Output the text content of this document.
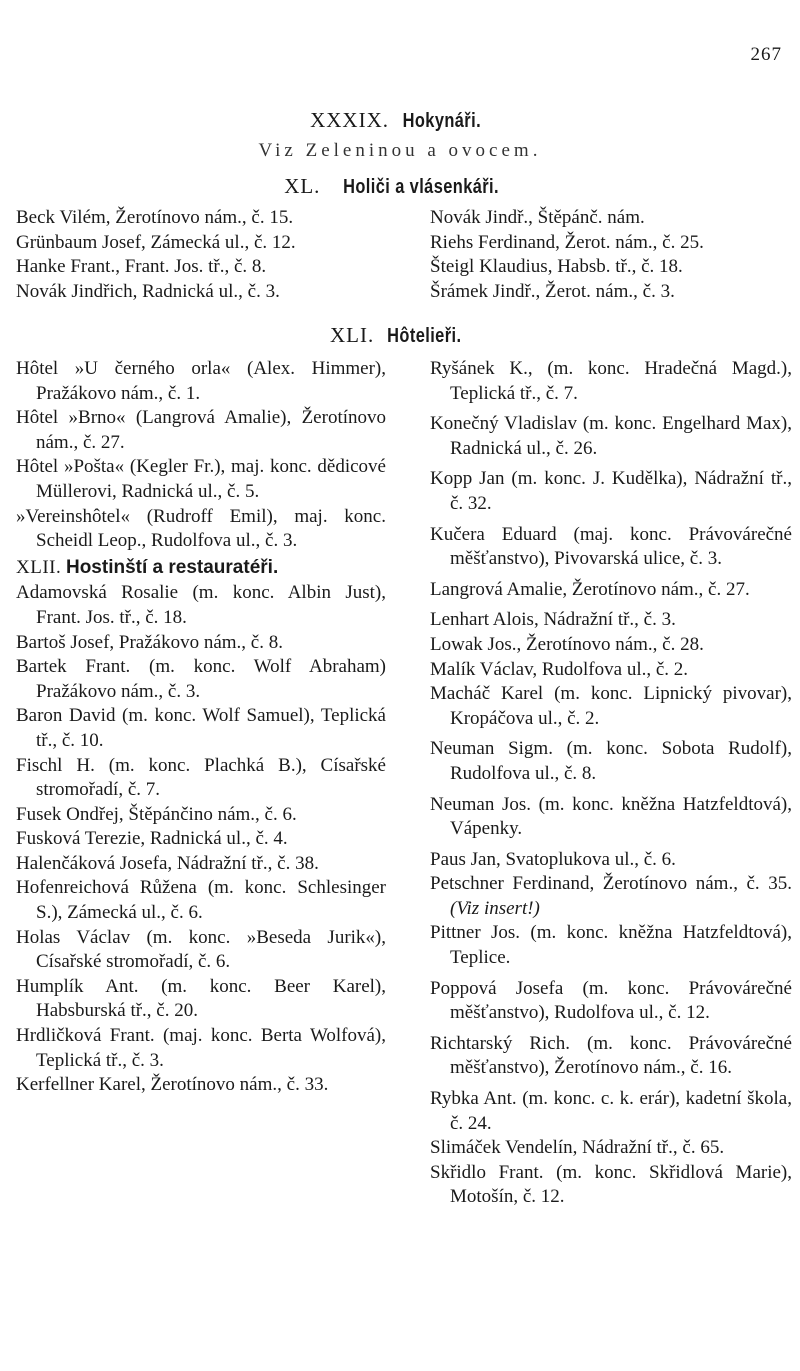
267
XXXIX. Hokynáři.
Viz Zeleninou a ovocem.
XL. Holiči a vlásenkáři.
Beck Vilém, Žerotínovo nám., č. 15.
Grünbaum Josef, Zámecká ul., č. 12.
Hanke Frant., Frant. Jos. tř., č. 8.
Novák Jindřich, Radnická ul., č. 3.
Novák Jindř., Štěpánč. nám.
Riehs Ferdinand, Žerot. nám., č. 25.
Šteigl Klaudius, Habsb. tř., č. 18.
Šrámek Jindř., Žerot. nám., č. 3.
XLI. Hôtelieři.
Hôtel »U černého orla« (Alex. Himmer), Pražákovo nám., č. 1.
Hôtel »Brno« (Langrová Amalie), Žerotínovo nám., č. 27.
Hôtel »Pošta« (Kegler Fr.), maj. konc. dědicové Müllerovi, Radnická ul., č. 5.
»Vereinshôtel« (Rudroff Emil), maj. konc. Scheidl Leop., Rudolfova ul., č. 3.
XLII. Hostinští a restauratéři.
Adamovská Rosalie (m. konc. Albin Just), Frant. Jos. tř., č. 18.
Bartoš Josef, Pražákovo nám., č. 8.
Bartek Frant. (m. konc. Wolf Abraham) Pražákovo nám., č. 3.
Baron David (m. konc. Wolf Samuel), Teplická tř., č. 10.
Fischl H. (m. konc. Plachká B.), Císařské stromořadí, č. 7.
Fusek Ondřej, Štěpánčino nám., č. 6.
Fusková Terezie, Radnická ul., č. 4.
Halenčáková Josefa, Nádražní tř., č. 38.
Hofenreichová Růžena (m. konc. Schlesinger S.), Zámecká ul., č. 6.
Holas Václav (m. konc. »Beseda Jurik«), Císařské stromořadí, č. 6.
Humplík Ant. (m. konc. Beer Karel), Habsburská tř., č. 20.
Hrdličková Frant. (maj. konc. Berta Wolfová), Teplická tř., č. 3.
Kerfellner Karel, Žerotínovo nám., č. 33.
Ryšánek K., (m. konc. Hradečná Magd.), Teplická tř., č. 7.
Konečný Vladislav (m. konc. Engelhard Max), Radnická ul., č. 26.
Kopp Jan (m. konc. J. Kudělka), Nádražní tř., č. 32.
Kučera Eduard (maj. konc. Právovárečné měšťanstvo), Pivovarská ulice, č. 3.
Langrová Amalie, Žerotínovo nám., č. 27.
Lenhart Alois, Nádražní tř., č. 3.
Lowak Jos., Žerotínovo nám., č. 28.
Malík Václav, Rudolfova ul., č. 2.
Macháč Karel (m. konc. Lipnický pivovar), Kropáčova ul., č. 2.
Neuman Sigm. (m. konc. Sobota Rudolf), Rudolfova ul., č. 8.
Neuman Jos. (m. konc. kněžna Hatzfeldtová), Vápenky.
Paus Jan, Svatoplukova ul., č. 6.
Petschner Ferdinand, Žerotínovo nám., č. 35. (Viz insert!)
Pittner Jos. (m. konc. kněžna Hatzfeldtová), Teplice.
Poppová Josefa (m. konc. Právovárečné měšťanstvo), Rudolfova ul., č. 12.
Richtarský Rich. (m. konc. Právovárečné měšťanstvo), Žerotínovo nám., č. 16.
Rybka Ant. (m. konc. c. k. erár), kadetní škola, č. 24.
Slimáček Vendelín, Nádražní tř., č. 65.
Skřidlo Frant. (m. konc. Skřidlová Marie), Motošín, č. 12.
